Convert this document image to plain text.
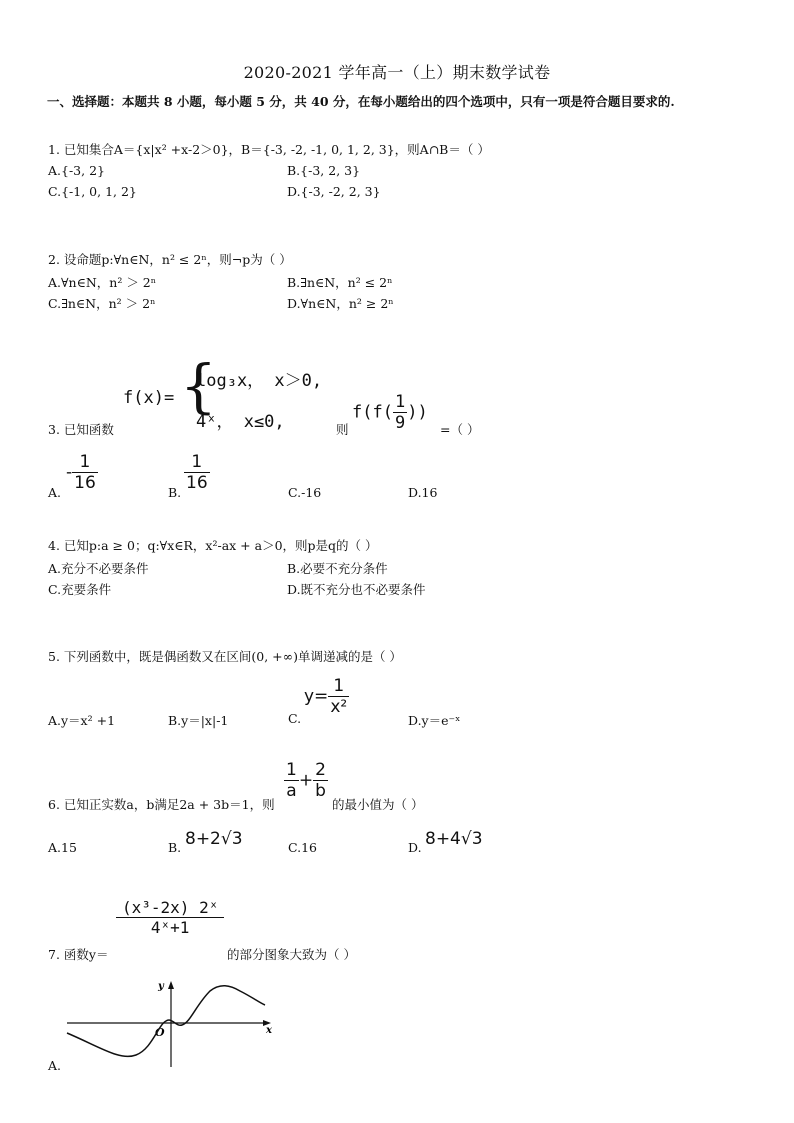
2020-2021 学年高一（上）期末数学试卷
一、选择题：本题共 8 小题，每小题 5 分，共 40 分，在每小题给出的四个选项中，只有一项是符合题目要求的.
1. 已知集合A＝{x|x² +x-2＞0}，B＝{-3, -2, -1, 0, 1, 2, 3}，则A∩B＝（ ）
A.{-3, 2}	B.{-3, 2, 3}
C.{-1, 0, 1, 2}	D.{-3, -2, 2, 3}
2. 设命题p:∀n∈N，n² ≤ 2ⁿ，则¬p为（ ）
A.∀n∈N，n² ＞ 2ⁿ	B.∃n∈N，n² ≤ 2ⁿ
C.∃n∈N，n² ＞ 2ⁿ	D.∀n∈N，n² ≥ 2ⁿ
3. 已知函数
f(x)= {
log₃x， x＞0,
4ˣ， x≤0,	则
$f(f( \frac{1}{9}$ ))
=（ ）
A.
- $\frac{1}{16}$	B. $\frac{1}{16}$	C.-16	D.16
4. 已知p:a ≥ 0；q:∀x∈R，x²-ax + a＞0，则p是q的（ ）
A.充分不必要条件	B.必要不充分条件
C.充要条件	D.既不充分也不必要条件
5. 下列函数中，既是偶函数又在区间(0, +∞)单调递减的是（ ）
A.y＝x² +1	B.y＝|x|-1	C.
$y= \frac{1}{\text{x²}}$
D.y＝e⁻ˣ
6. 已知正实数a，b满足2a + 3b＝1，则
$\frac{1}{a} + \frac{2}{b}$
的最小值为（ ）
A.15	B. 8+2√3	C.16	D. 8+4√3
7. 函数y＝
$\frac{\text{(x³-2x) 2ˣ}}{\text{4ˣ+1}}$
的部分图象大致为（ ）
y
x
O
A.
